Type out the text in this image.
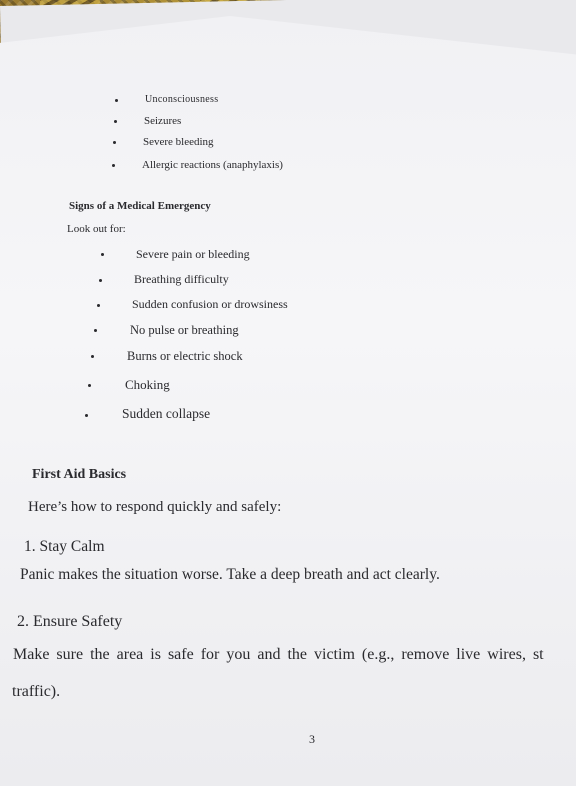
Unconsciousness
Seizures
Severe bleeding
Allergic reactions (anaphylaxis)
Signs of a Medical Emergency
Look out for:
Severe pain or bleeding
Breathing difficulty
Sudden confusion or drowsiness
No pulse or breathing
Burns or electric shock
Choking
Sudden collapse
First Aid Basics
Here’s how to respond quickly and safely:
1. Stay Calm
Panic makes the situation worse. Take a deep breath and act clearly.
2. Ensure Safety
Make sure the area is safe for you and the victim (e.g., remove live wires, st
traffic).
3
